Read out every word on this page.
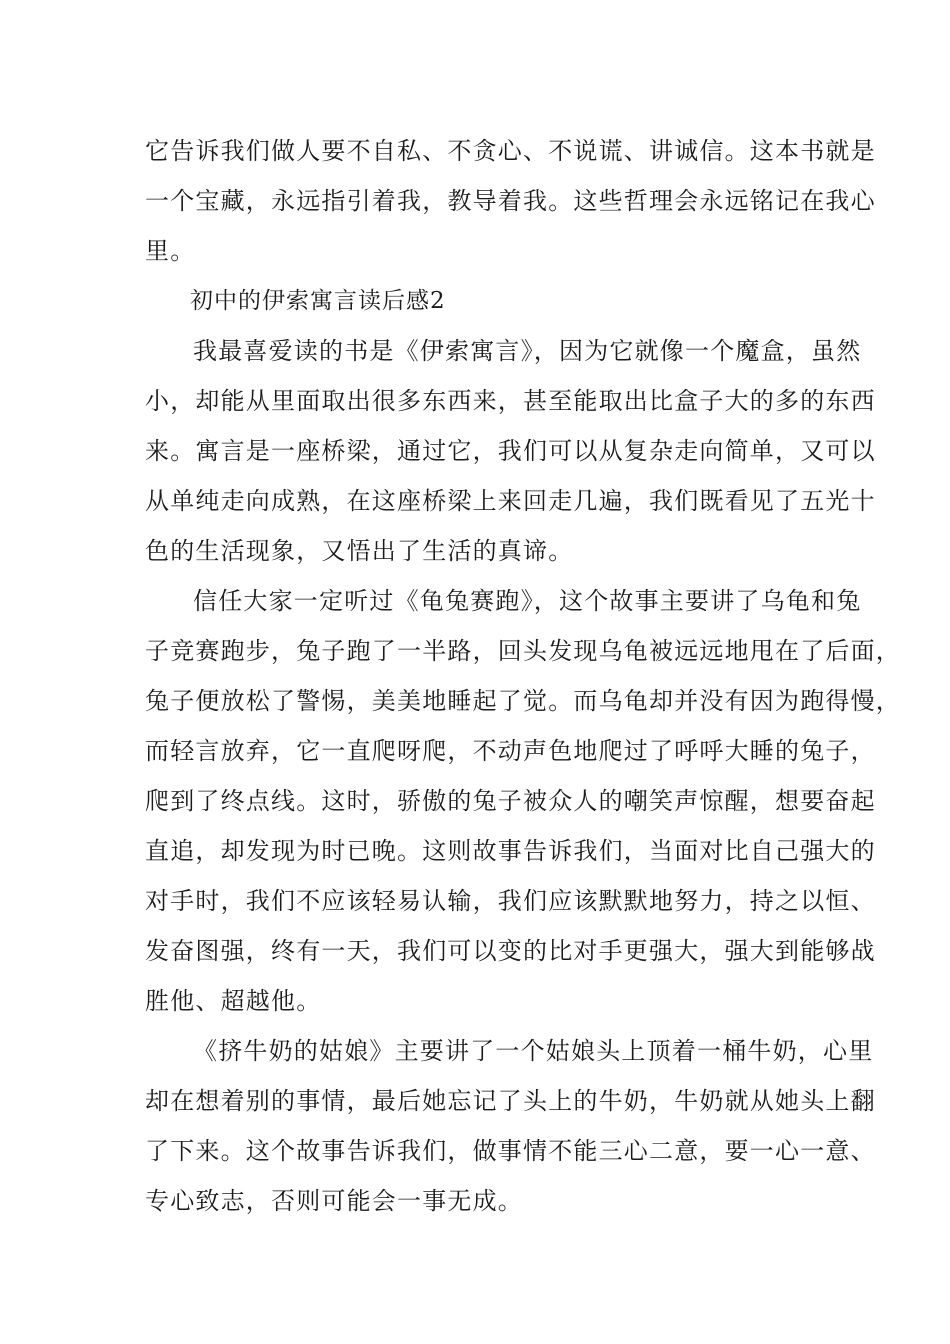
它告诉我们做人要不自私、不贪心、不说谎、讲诚信。这本书就是
一个宝藏，永远指引着我，教导着我。这些哲理会永远铭记在我心
里。
初中的伊索寓言读后感2
我最喜爱读的书是《伊索寓言》，因为它就像一个魔盒，虽然
小，却能从里面取出很多东西来，甚至能取出比盒子大的多的东西
来。寓言是一座桥梁，通过它，我们可以从复杂走向简单，又可以
从单纯走向成熟，在这座桥梁上来回走几遍，我们既看见了五光十
色的生活现象，又悟出了生活的真谛。
信任大家一定听过《龟兔赛跑》，这个故事主要讲了乌龟和兔
子竞赛跑步，兔子跑了一半路，回头发现乌龟被远远地甩在了后面，
兔子便放松了警惕，美美地睡起了觉。而乌龟却并没有因为跑得慢，
而轻言放弃，它一直爬呀爬，不动声色地爬过了呼呼大睡的兔子，
爬到了终点线。这时，骄傲的兔子被众人的嘲笑声惊醒，想要奋起
直追，却发现为时已晚。这则故事告诉我们，当面对比自己强大的
对手时，我们不应该轻易认输，我们应该默默地努力，持之以恒、
发奋图强，终有一天，我们可以变的比对手更强大，强大到能够战
胜他、超越他。
《挤牛奶的姑娘》主要讲了一个姑娘头上顶着一桶牛奶，心里
却在想着别的事情，最后她忘记了头上的牛奶，牛奶就从她头上翻
了下来。这个故事告诉我们，做事情不能三心二意，要一心一意、
专心致志，否则可能会一事无成。
